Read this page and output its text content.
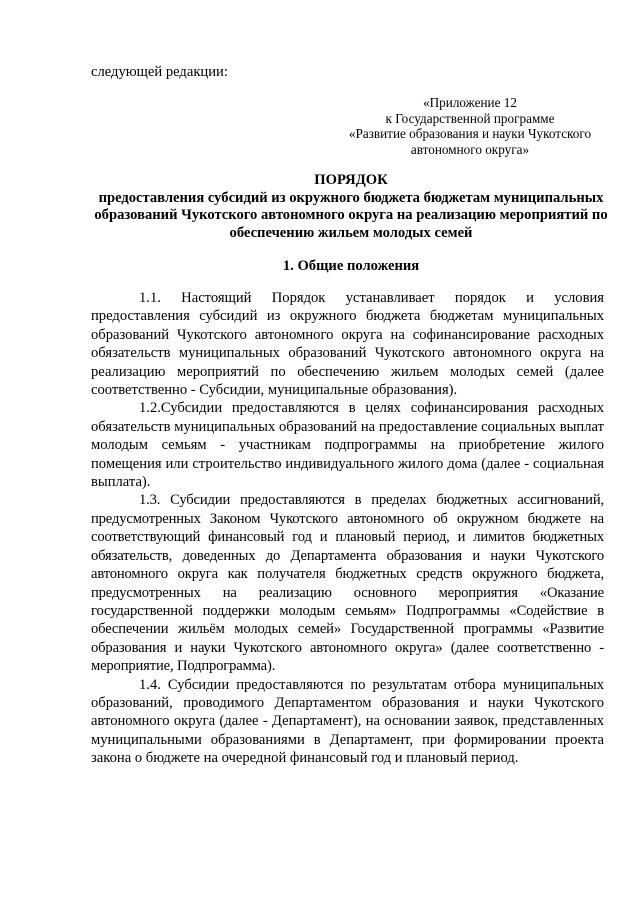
следующей редакции:
«Приложение 12
к Государственной программе
«Развитие образования и науки Чукотского
автономного округа»
ПОРЯДОК
предоставления субсидий из окружного бюджета бюджетам муниципальных образований Чукотского автономного округа на реализацию мероприятий по обеспечению жильем молодых семей
1. Общие положения

1.1. Настоящий Порядок устанавливает порядок и условия предоставления субсидий из окружного бюджета бюджетам муниципальных образований Чукотского автономного округа на софинансирование расходных обязательств муниципальных образований Чукотского автономного округа на реализацию мероприятий по обеспечению жильем молодых семей (далее соответственно - Субсидии, муниципальные образования).

1.2.Субсидии предоставляются в целях софинансирования расходных обязательств муниципальных образований на предоставление социальных выплат молодым семьям - участникам подпрограммы на приобретение жилого помещения или строительство индивидуального жилого дома (далее - социальная выплата).

1.3. Субсидии предоставляются в пределах бюджетных ассигнований, предусмотренных Законом Чукотского автономного об окружном бюджете на соответствующий финансовый год и плановый период, и лимитов бюджетных обязательств, доведенных до Департамента образования и науки Чукотского автономного округа как получателя бюджетных средств окружного бюджета, предусмотренных на реализацию основного мероприятия «Оказание государственной поддержки молодым семьям» Подпрограммы «Содействие в обеспечении жильём молодых семей» Государственной программы «Развитие образования и науки Чукотского автономного округа» (далее соответственно - мероприятие, Подпрограмма).

1.4. Субсидии предоставляются по результатам отбора муниципальных образований, проводимого Департаментом образования и науки Чукотского автономного округа (далее - Департамент), на основании заявок, представленных муниципальными образованиями в Департамент, при формировании проекта закона о бюджете на очередной финансовый год и плановый период.
